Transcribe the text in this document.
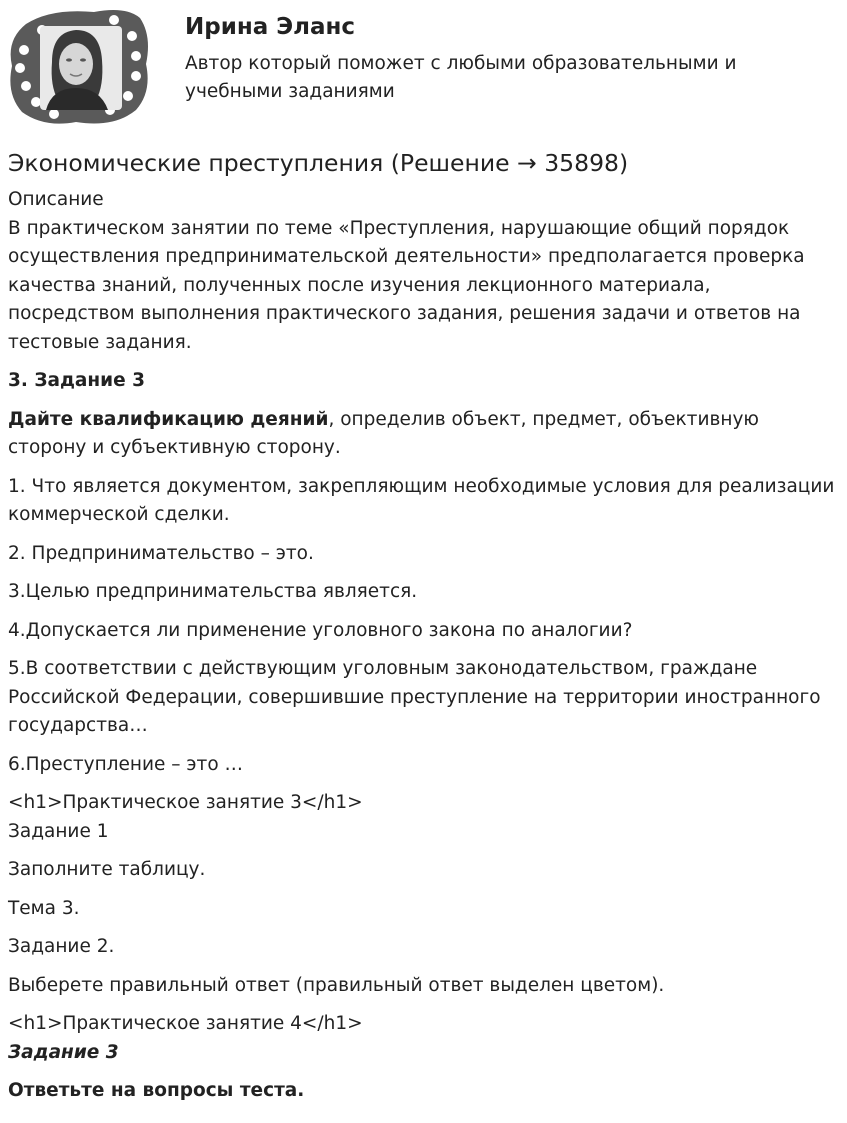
Ирина Эланс

Автор который поможет с любыми образовательными и учебными заданиями

Экономические преступления (Решение → 35898)
Описание

В практическом занятии по теме «Преступления, нарушающие общий порядок осуществления предпринимательской деятельности» предполагается проверка качества знаний, полученных после изучения лекционного материала, посредством выполнения практического задания, решения задачи и ответов на тестовые задания.

3. Задание 3

Дайте квалификацию деяний, определив объект, предмет, объективную сторону и субъективную сторону.

1. Что является документом, закрепляющим необходимые условия для реализации коммерческой сделки.

2. Предпринимательство – это.

3.Целью предпринимательства является.

4.Допускается ли применение уголовного закона по аналогии?

5.В соответствии с действующим уголовным законодательством, граждане Российской Федерации, совершившие преступление на территории иностранного государства…

6.Преступление – это …

<h1>Практическое занятие 3</h1>

Задание 1

Заполните таблицу.

Тема 3.

Задание 2.

Выберете правильный ответ (правильный ответ выделен цветом).

<h1>Практическое занятие 4</h1>

Задание 3

Ответьте на вопросы теста.
